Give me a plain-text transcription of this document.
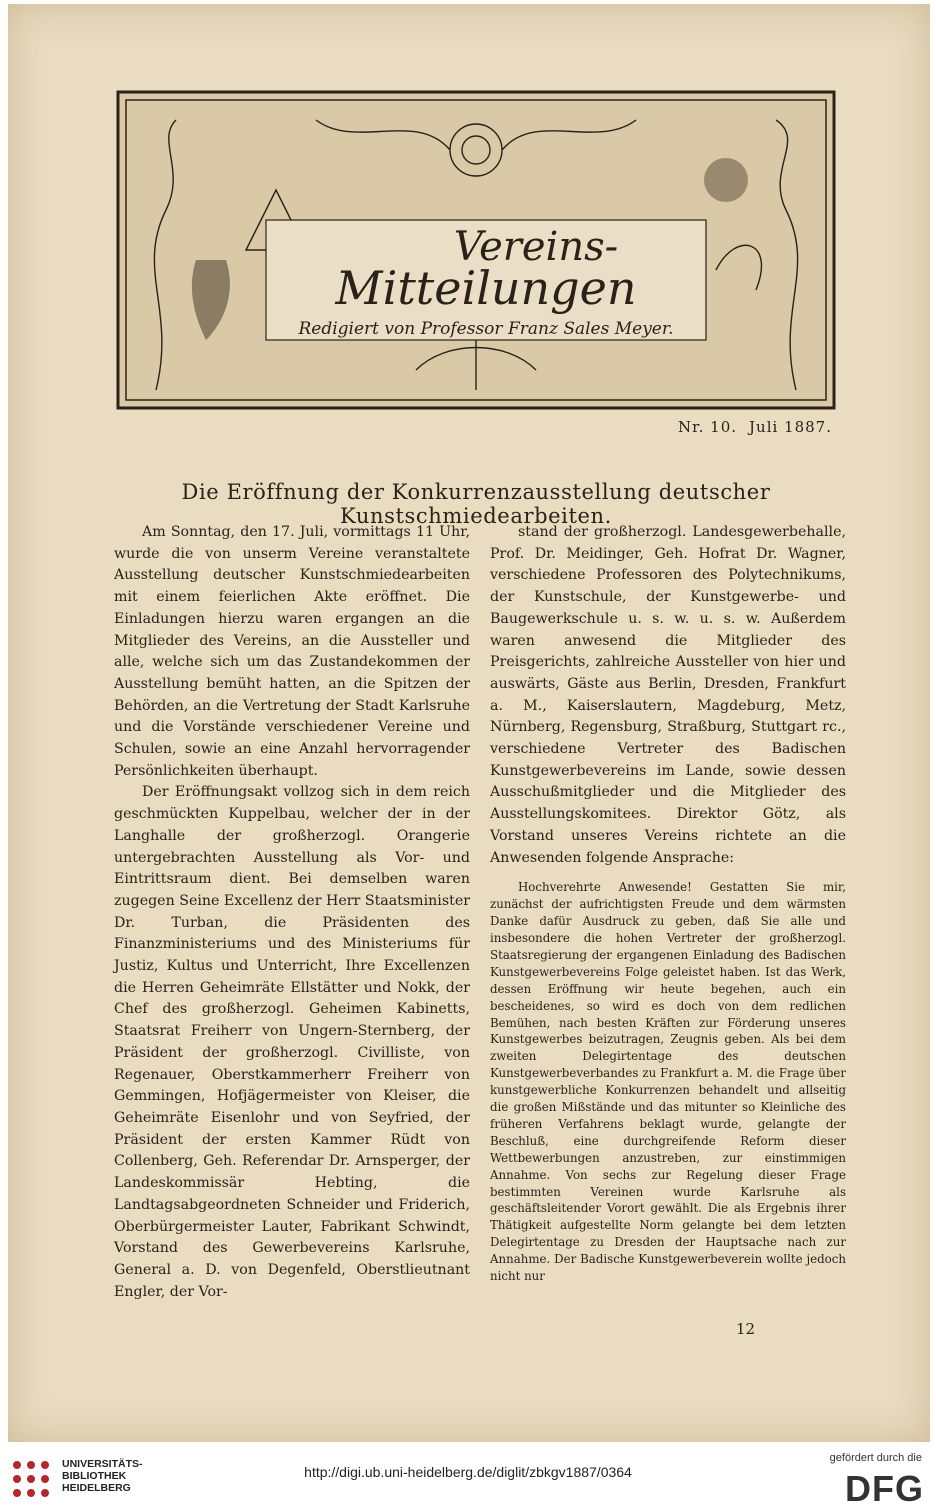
Vereins-
Mitteilungen
Redigiert von Professor Franz Sales Meyer.
Nr. 10. Juli 1887.
Die Eröffnung der Konkurrenzausstellung deutscher Kunstschmiedearbeiten.

Am Sonntag, den 17. Juli, vormittags 11 Uhr, wurde die von unserm Vereine veranstaltete Ausstellung deutscher Kunstschmiedearbeiten mit einem feierlichen Akte eröffnet. Die Einladungen hierzu waren ergangen an die Mitglieder des Vereins, an die Aussteller und alle, welche sich um das Zustandekommen der Ausstellung bemüht hatten, an die Spitzen der Behörden, an die Vertretung der Stadt Karlsruhe und die Vorstände verschiedener Vereine und Schulen, sowie an eine Anzahl hervorragender Persönlichkeiten überhaupt.

Der Eröffnungsakt vollzog sich in dem reich geschmückten Kuppelbau, welcher der in der Langhalle der großherzogl. Orangerie untergebrachten Ausstellung als Vor- und Eintrittsraum dient. Bei demselben waren zugegen Seine Excellenz der Herr Staatsminister Dr. Turban, die Präsidenten des Finanzministeriums und des Ministeriums für Justiz, Kultus und Unterricht, Ihre Excellenzen die Herren Geheimräte Ellstätter und Nokk, der Chef des großherzogl. Geheimen Kabinetts, Staatsrat Freiherr von Ungern-Sternberg, der Präsident der großherzogl. Civilliste, von Regenauer, Oberstkammerherr Freiherr von Gemmingen, Hofjägermeister von Kleiser, die Geheimräte Eisenlohr und von Seyfried, der Präsident der ersten Kammer Rüdt von Collenberg, Geh. Referendar Dr. Arnsperger, der Landeskommissär Hebting, die Landtagsabgeordneten Schneider und Friderich, Oberbürgermeister Lauter, Fabrikant Schwindt, Vorstand des Gewerbevereins Karlsruhe, General a. D. von Degenfeld, Oberstlieutnant Engler, der Vor-

stand der großherzogl. Landesgewerbehalle, Prof. Dr. Meidinger, Geh. Hofrat Dr. Wagner, verschiedene Professoren des Polytechnikums, der Kunstschule, der Kunstgewerbe- und Baugewerkschule u. s. w. u. s. w. Außerdem waren anwesend die Mitglieder des Preisgerichts, zahlreiche Aussteller von hier und auswärts, Gäste aus Berlin, Dresden, Frankfurt a. M., Kaiserslautern, Magdeburg, Metz, Nürnberg, Regensburg, Straßburg, Stuttgart rc., verschiedene Vertreter des Badischen Kunstgewerbevereins im Lande, sowie dessen Ausschußmitglieder und die Mitglieder des Ausstellungskomitees. Direktor Götz, als Vorstand unseres Vereins richtete an die Anwesenden folgende Ansprache:

Hochverehrte Anwesende! Gestatten Sie mir, zunächst der aufrichtigsten Freude und dem wärmsten Danke dafür Ausdruck zu geben, daß Sie alle und insbesondere die hohen Vertreter der großherzogl. Staatsregierung der ergangenen Einladung des Badischen Kunstgewerbevereins Folge geleistet haben. Ist das Werk, dessen Eröffnung wir heute begehen, auch ein bescheidenes, so wird es doch von dem redlichen Bemühen, nach besten Kräften zur Förderung unseres Kunstgewerbes beizutragen, Zeugnis geben. Als bei dem zweiten Delegirtentage des deutschen Kunstgewerbeverbandes zu Frankfurt a. M. die Frage über kunstgewerbliche Konkurrenzen behandelt und allseitig die großen Mißstände und das mitunter so Kleinliche des früheren Verfahrens beklagt wurde, gelangte der Beschluß, eine durchgreifende Reform dieser Wettbewerbungen anzustreben, zur einstimmigen Annahme. Von sechs zur Regelung dieser Frage bestimmten Vereinen wurde Karlsruhe als geschäftsleitender Vorort gewählt. Die als Ergebnis ihrer Thätigkeit aufgestellte Norm gelangte bei dem letzten Delegirtentage zu Dresden der Hauptsache nach zur Annahme. Der Badische Kunstgewerbeverein wollte jedoch nicht nur

12
UNIVERSITÄTS-
BIBLIOTHEK
HEIDELBERG
http://digi.ub.uni-heidelberg.de/diglit/zbkgv1887/0364
gefördert durch die
DFG
